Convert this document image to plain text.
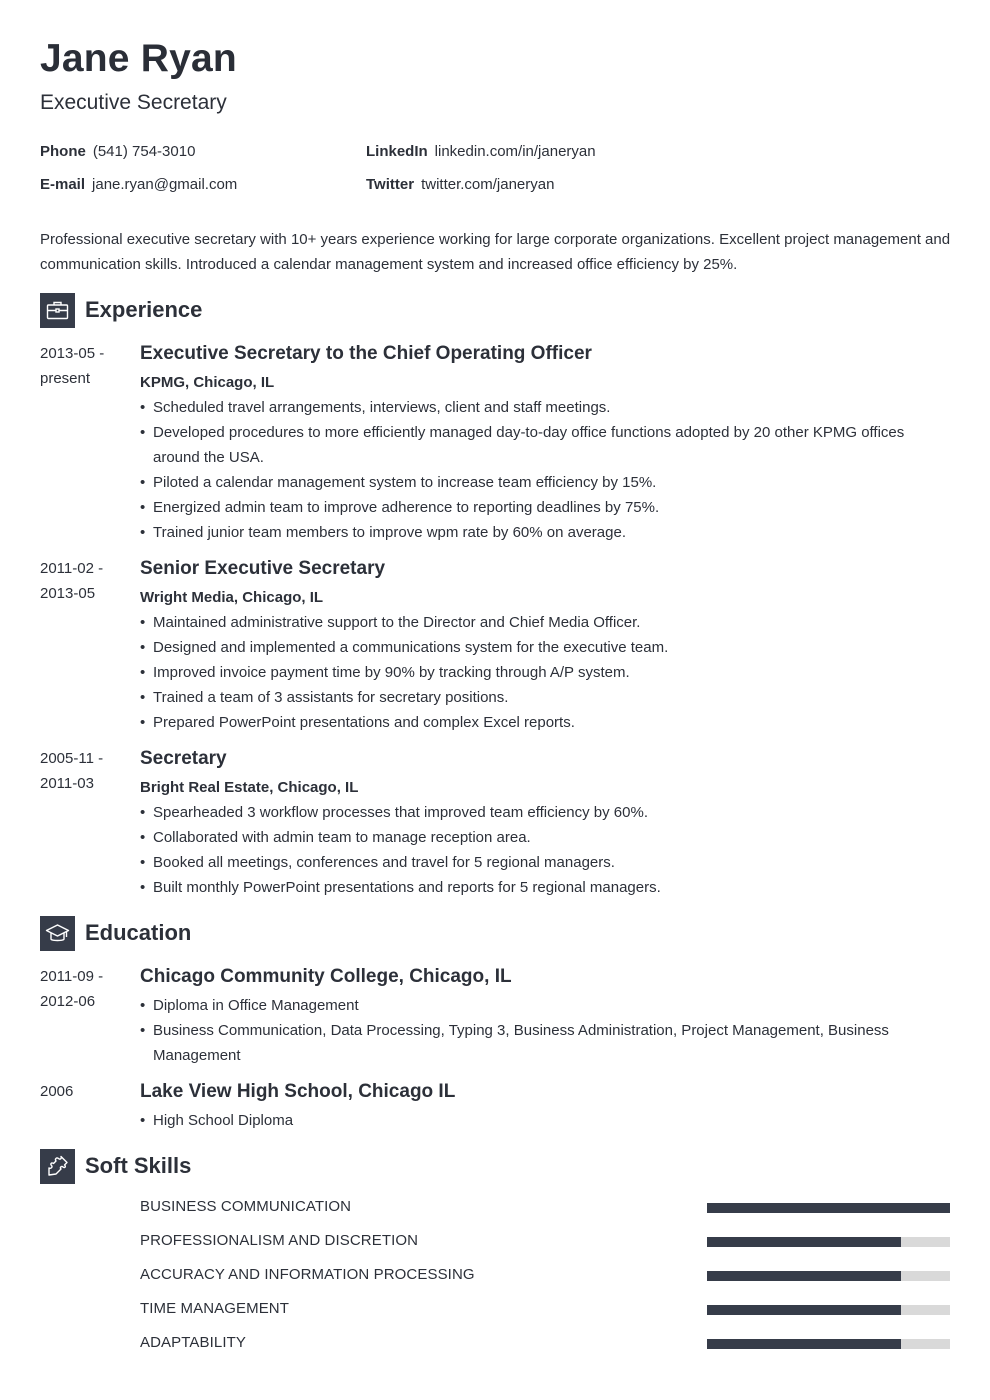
Jane Ryan
Executive Secretary
Phone (541) 754-3010
E-mail jane.ryan@gmail.com
LinkedIn linkedin.com/in/janeryan
Twitter twitter.com/janeryan

Professional executive secretary with 10+ years experience working for large corporate organizations. Excellent project management and communication skills. Introduced a calendar management system and increased office efficiency by 25%.

Experience
2013-05 -
present
Executive Secretary to the Chief Operating Officer
KPMG, Chicago, IL
• Scheduled travel arrangements, interviews, client and staff meetings.
• Developed procedures to more efficiently managed day-to-day office functions adopted by 20 other KPMG offices around the USA.
• Piloted a calendar management system to increase team efficiency by 15%.
• Energized admin team to improve adherence to reporting deadlines by 75%.
• Trained junior team members to improve wpm rate by 60% on average.
2011-02 -
2013-05
Senior Executive Secretary
Wright Media, Chicago, IL
• Maintained administrative support to the Director and Chief Media Officer.
• Designed and implemented a communications system for the executive team.
• Improved invoice payment time by 90% by tracking through A/P system.
• Trained a team of 3 assistants for secretary positions.
• Prepared PowerPoint presentations and complex Excel reports.
2005-11 -
2011-03
Secretary
Bright Real Estate, Chicago, IL
• Spearheaded 3 workflow processes that improved team efficiency by 60%.
• Collaborated with admin team to manage reception area.
• Booked all meetings, conferences and travel for 5 regional managers.
• Built monthly PowerPoint presentations and reports for 5 regional managers.
Education
2011-09 -
2012-06
Chicago Community College, Chicago, IL
• Diploma in Office Management
• Business Communication, Data Processing, Typing 3, Business Administration, Project Management, Business Management
2006	Lake View High School, Chicago IL
• High School Diploma
Soft Skills
BUSINESS COMMUNICATION
PROFESSIONALISM AND DISCRETION
ACCURACY AND INFORMATION PROCESSING
TIME MANAGEMENT
ADAPTABILITY
